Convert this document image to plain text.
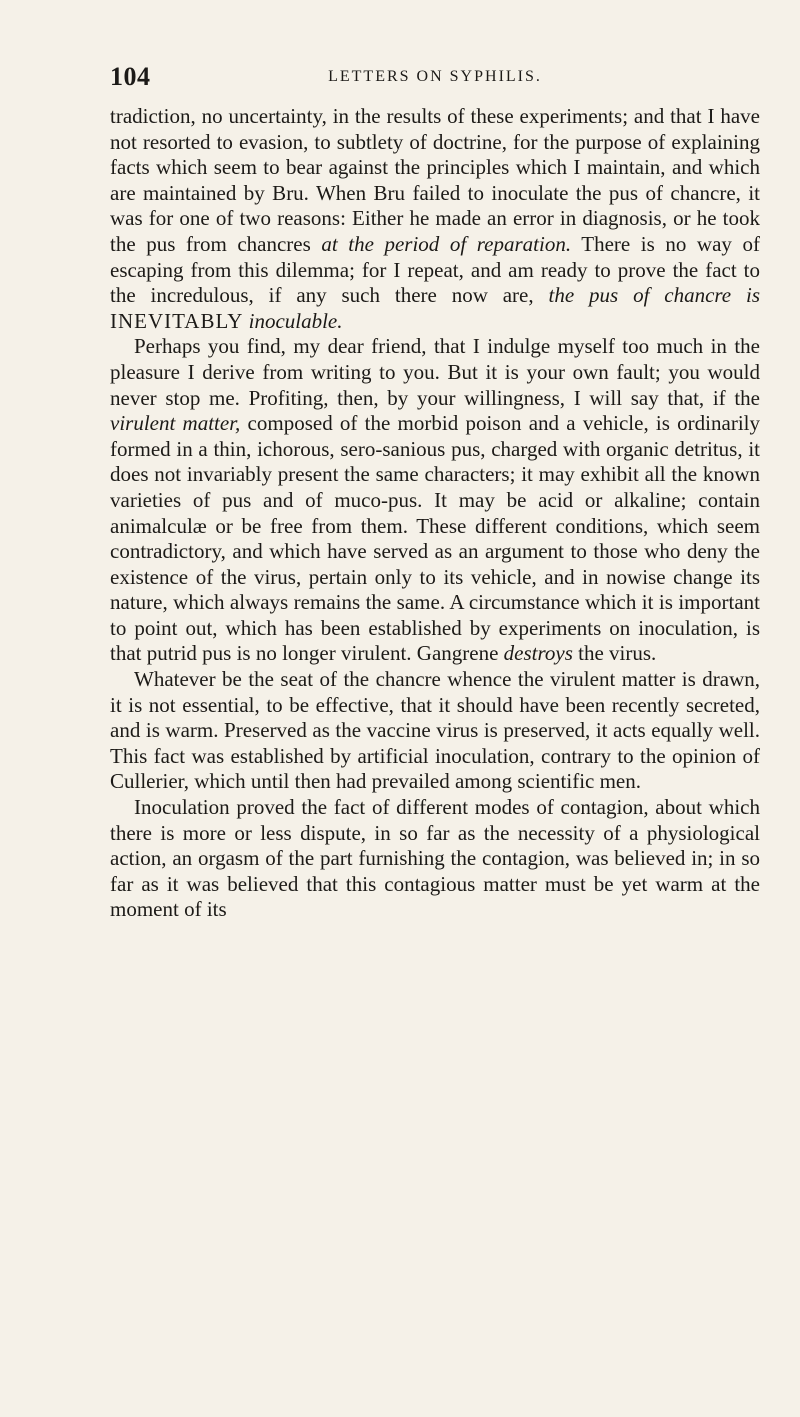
104	LETTERS ON SYPHILIS.

tradiction, no uncertainty, in the results of these experiments; and that I have not resorted to evasion, to subtlety of doctrine, for the purpose of explaining facts which seem to bear against the principles which I maintain, and which are maintained by Bru. When Bru failed to inoculate the pus of chancre, it was for one of two reasons: Either he made an error in diagnosis, or he took the pus from chancres at the period of reparation. There is no way of escaping from this dilemma; for I repeat, and am ready to prove the fact to the incredulous, if any such there now are, the pus of chancre is INEVITABLY inoculable.

Perhaps you find, my dear friend, that I indulge myself too much in the pleasure I derive from writing to you. But it is your own fault; you would never stop me. Profiting, then, by your willingness, I will say that, if the virulent matter, composed of the morbid poison and a vehicle, is ordinarily formed in a thin, ichorous, sero-sanious pus, charged with organic detritus, it does not invariably present the same characters; it may exhibit all the known varieties of pus and of muco-pus. It may be acid or alkaline; contain animalculæ or be free from them. These different conditions, which seem contradictory, and which have served as an argument to those who deny the existence of the virus, pertain only to its vehicle, and in nowise change its nature, which always remains the same. A circumstance which it is important to point out, which has been established by experiments on inoculation, is that putrid pus is no longer virulent. Gangrene destroys the virus.

Whatever be the seat of the chancre whence the virulent matter is drawn, it is not essential, to be effective, that it should have been recently secreted, and is warm. Preserved as the vaccine virus is preserved, it acts equally well. This fact was established by artificial inoculation, contrary to the opinion of Cullerier, which until then had prevailed among scientific men.

Inoculation proved the fact of different modes of contagion, about which there is more or less dispute, in so far as the necessity of a physiological action, an orgasm of the part furnishing the contagion, was believed in; in so far as it was believed that this contagious matter must be yet warm at the moment of its
